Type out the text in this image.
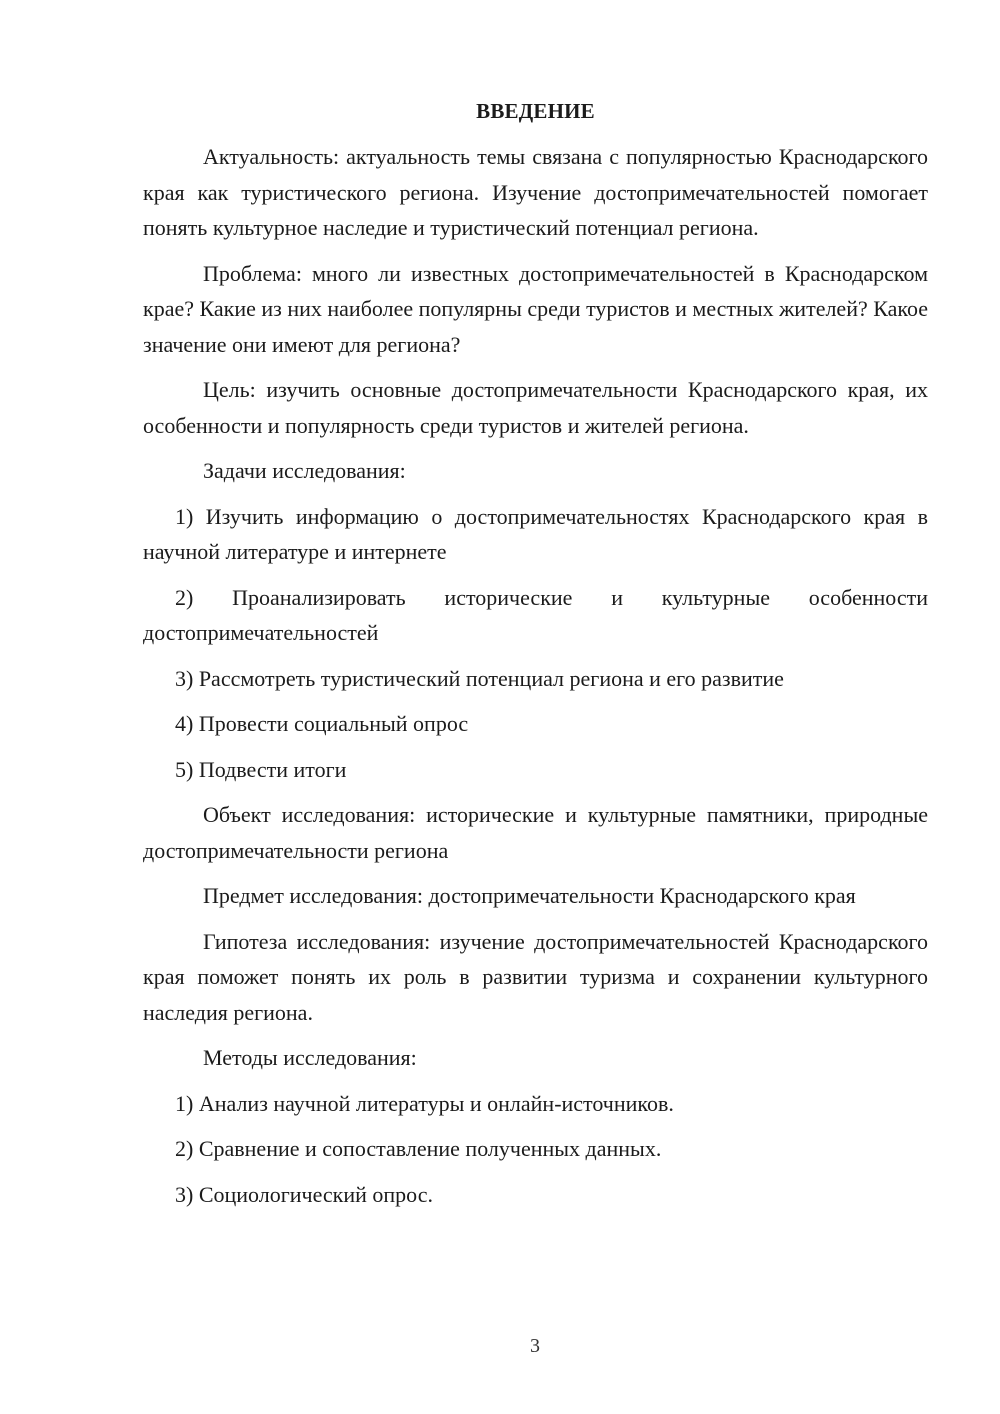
ВВЕДЕНИЕ

Актуальность: актуальность темы связана с популярностью Краснодарского края как туристического региона. Изучение достопримечательностей помогает понять культурное наследие и туристический потенциал региона.

Проблема: много ли известных достопримечательностей в Краснодарском крае? Какие из них наиболее популярны среди туристов и местных жителей? Какое значение они имеют для региона?

Цель: изучить основные достопримечательности Краснодарского края, их особенности и популярность среди туристов и жителей региона.

Задачи исследования:

1) Изучить информацию о достопримечательностях Краснодарского края в научной литературе и интернете

2) Проанализировать исторические и культурные особенности достопримечательностей

3) Рассмотреть туристический потенциал региона и его развитие

4) Провести социальный опрос

5) Подвести итоги

Объект исследования: исторические и культурные памятники, природные достопримечательности региона

Предмет исследования: достопримечательности Краснодарского края

Гипотеза исследования: изучение достопримечательностей Краснодарского края поможет понять их роль в развитии туризма и сохранении культурного наследия региона.

Методы исследования:

1) Анализ научной литературы и онлайн-источников.

2) Сравнение и сопоставление полученных данных.

3) Социологический опрос.

3
